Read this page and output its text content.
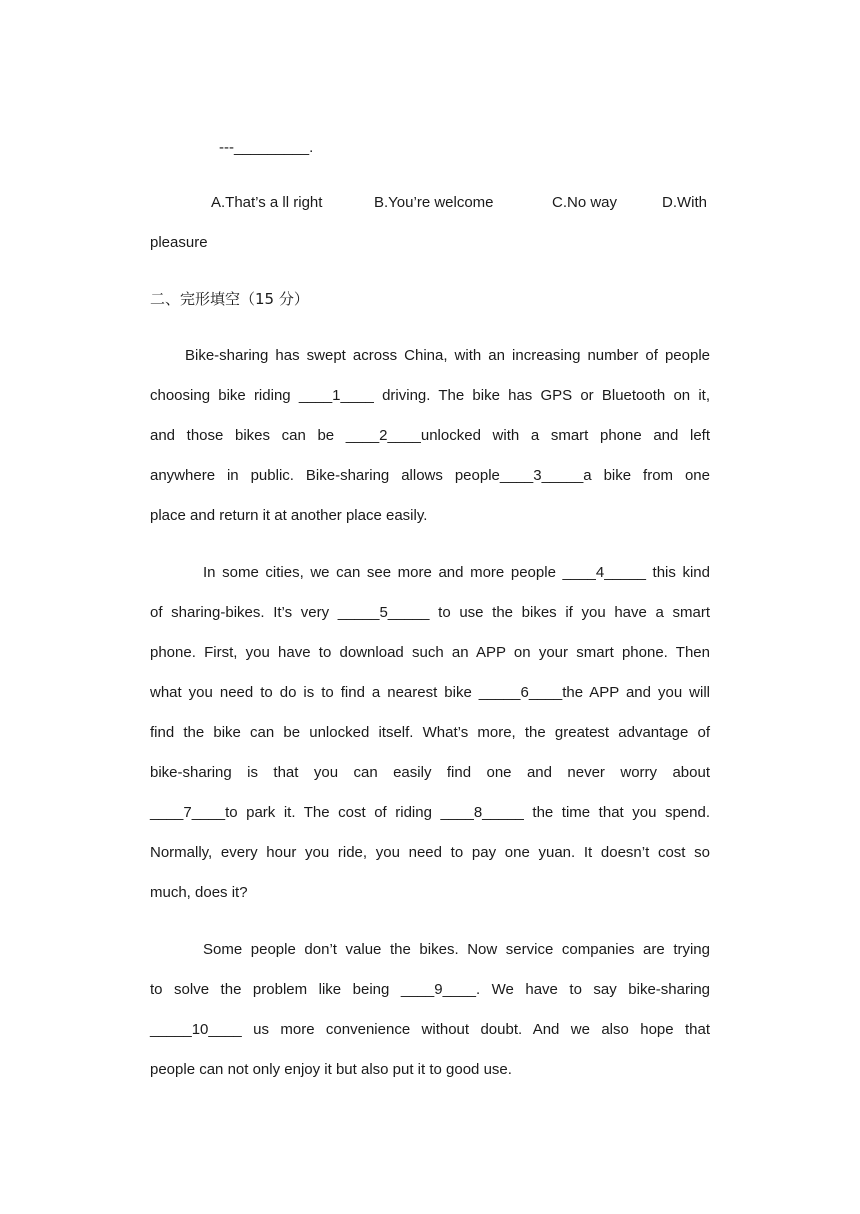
---_________.
A.That’s a ll right	B.You’re welcome	C.No way	D.With
pleasure
二、完形填空（15 分）
Bike-sharing has swept across China, with an increasing number of people
choosing bike riding ____1____ driving. The bike has GPS or Bluetooth on it,
and those bikes can be ____2____unlocked with a smart phone and left
anywhere in public. Bike-sharing allows people____3_____a bike from one
place and return it at another place easily.
In some cities, we can see more and more people ____4_____ this kind
of sharing-bikes. It’s very _____5_____ to use the bikes if you have a smart
phone. First, you have to download such an APP on your smart phone. Then
what you need to do is to find a nearest bike _____6____the APP and you will
find the bike can be unlocked itself. What’s more, the greatest advantage of
bike-sharing is that you can easily find one and never worry about
____7____to park it. The cost of riding ____8_____ the time that you spend.
Normally, every hour you ride, you need to pay one yuan. It doesn’t cost so
much, does it?
Some people don’t value the bikes. Now service companies are trying
to solve the problem like being ____9____. We have to say bike-sharing
_____10____ us more convenience without doubt. And we also hope that
people can not only enjoy it but also put it to good use.
